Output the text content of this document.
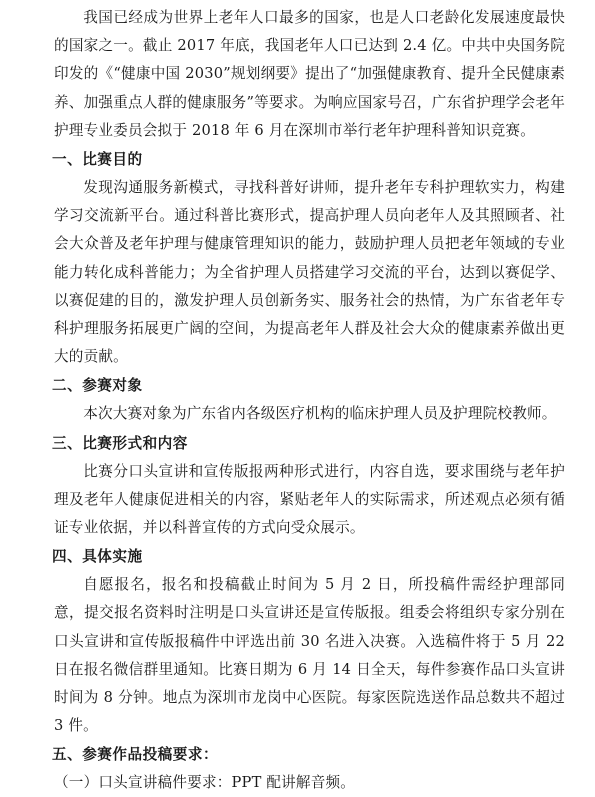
我国已经成为世界上老年人口最多的国家，也是人口老龄化发展速度最快的国家之一。截止 2017 年底，我国老年人口已达到 2.4 亿。中共中央国务院印发的《“健康中国 2030”规划纲要》提出了“加强健康教育、提升全民健康素养、加强重点人群的健康服务”等要求。为响应国家号召，广东省护理学会老年护理专业委员会拟于 2018 年 6 月在深圳市举行老年护理科普知识竞赛。

一、比赛目的

发现沟通服务新模式，寻找科普好讲师，提升老年专科护理软实力，构建学习交流新平台。通过科普比赛形式，提高护理人员向老年人及其照顾者、社会大众普及老年护理与健康管理知识的能力，鼓励护理人员把老年领域的专业能力转化成科普能力；为全省护理人员搭建学习交流的平台，达到以赛促学、以赛促建的目的，激发护理人员创新务实、服务社会的热情，为广东省老年专科护理服务拓展更广阔的空间，为提高老年人群及社会大众的健康素养做出更大的贡献。

二、参赛对象

本次大赛对象为广东省内各级医疗机构的临床护理人员及护理院校教师。

三、比赛形式和内容

比赛分口头宣讲和宣传版报两种形式进行，内容自选，要求围绕与老年护理及老年人健康促进相关的内容，紧贴老年人的实际需求，所述观点必须有循证专业依据，并以科普宣传的方式向受众展示。

四、具体实施

自愿报名，报名和投稿截止时间为 5 月 2 日，所投稿件需经护理部同意，提交报名资料时注明是口头宣讲还是宣传版报。组委会将组织专家分别在口头宣讲和宣传版报稿件中评选出前 30 名进入决赛。入选稿件将于 5 月 22 日在报名微信群里通知。比赛日期为 6 月 14 日全天，每件参赛作品口头宣讲时间为 8 分钟。地点为深圳市龙岗中心医院。每家医院选送作品总数共不超过 3 件。

五、参赛作品投稿要求：

（一）口头宣讲稿件要求：PPT 配讲解音频。
